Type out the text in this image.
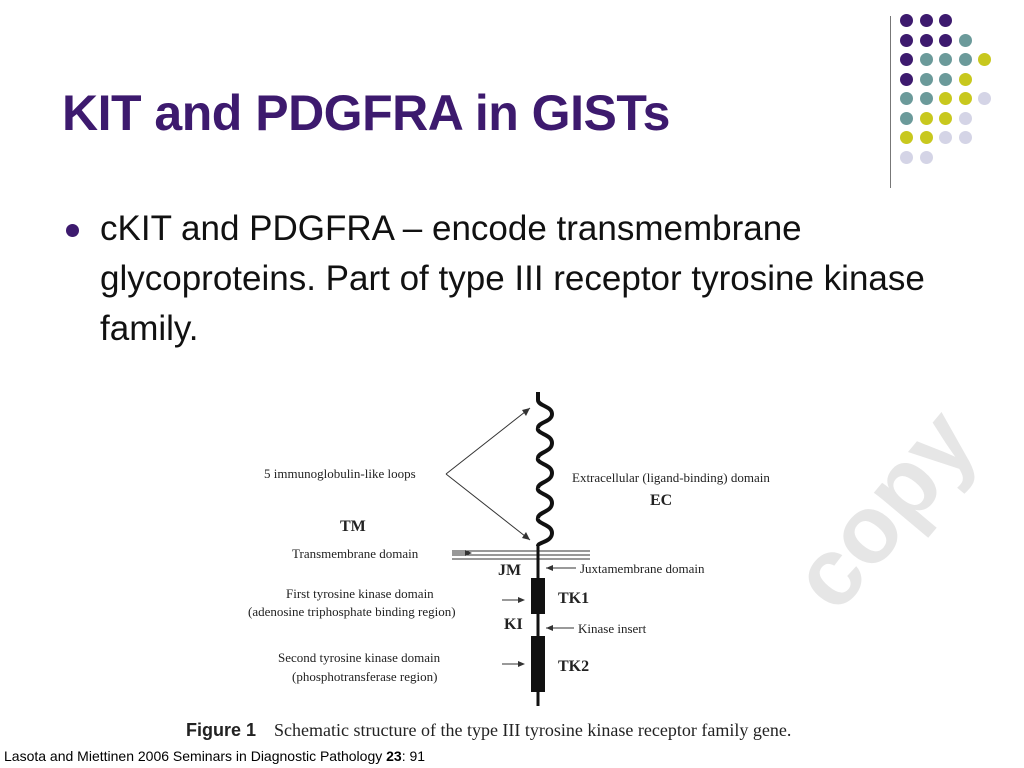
KIT and PDGFRA in GISTs
cKIT and PDGFRA – encode transmembrane glycoproteins. Part of type III receptor tyrosine kinase family.
copy
5 immunoglobulin-like loops	Extracellular (ligand-binding) domain
EC
TM
Transmembrane domain
JM	Juxtamembrane domain
First tyrosine kinase domain
(adenosine triphosphate binding region)
TK1
KI	Kinase insert
Second tyrosine kinase domain
(phosphotransferase region)
TK2
Figure 1 Schematic structure of the type III tyrosine kinase receptor family gene.
Lasota and Miettinen 2006 Seminars in Diagnostic Pathology 23: 91
